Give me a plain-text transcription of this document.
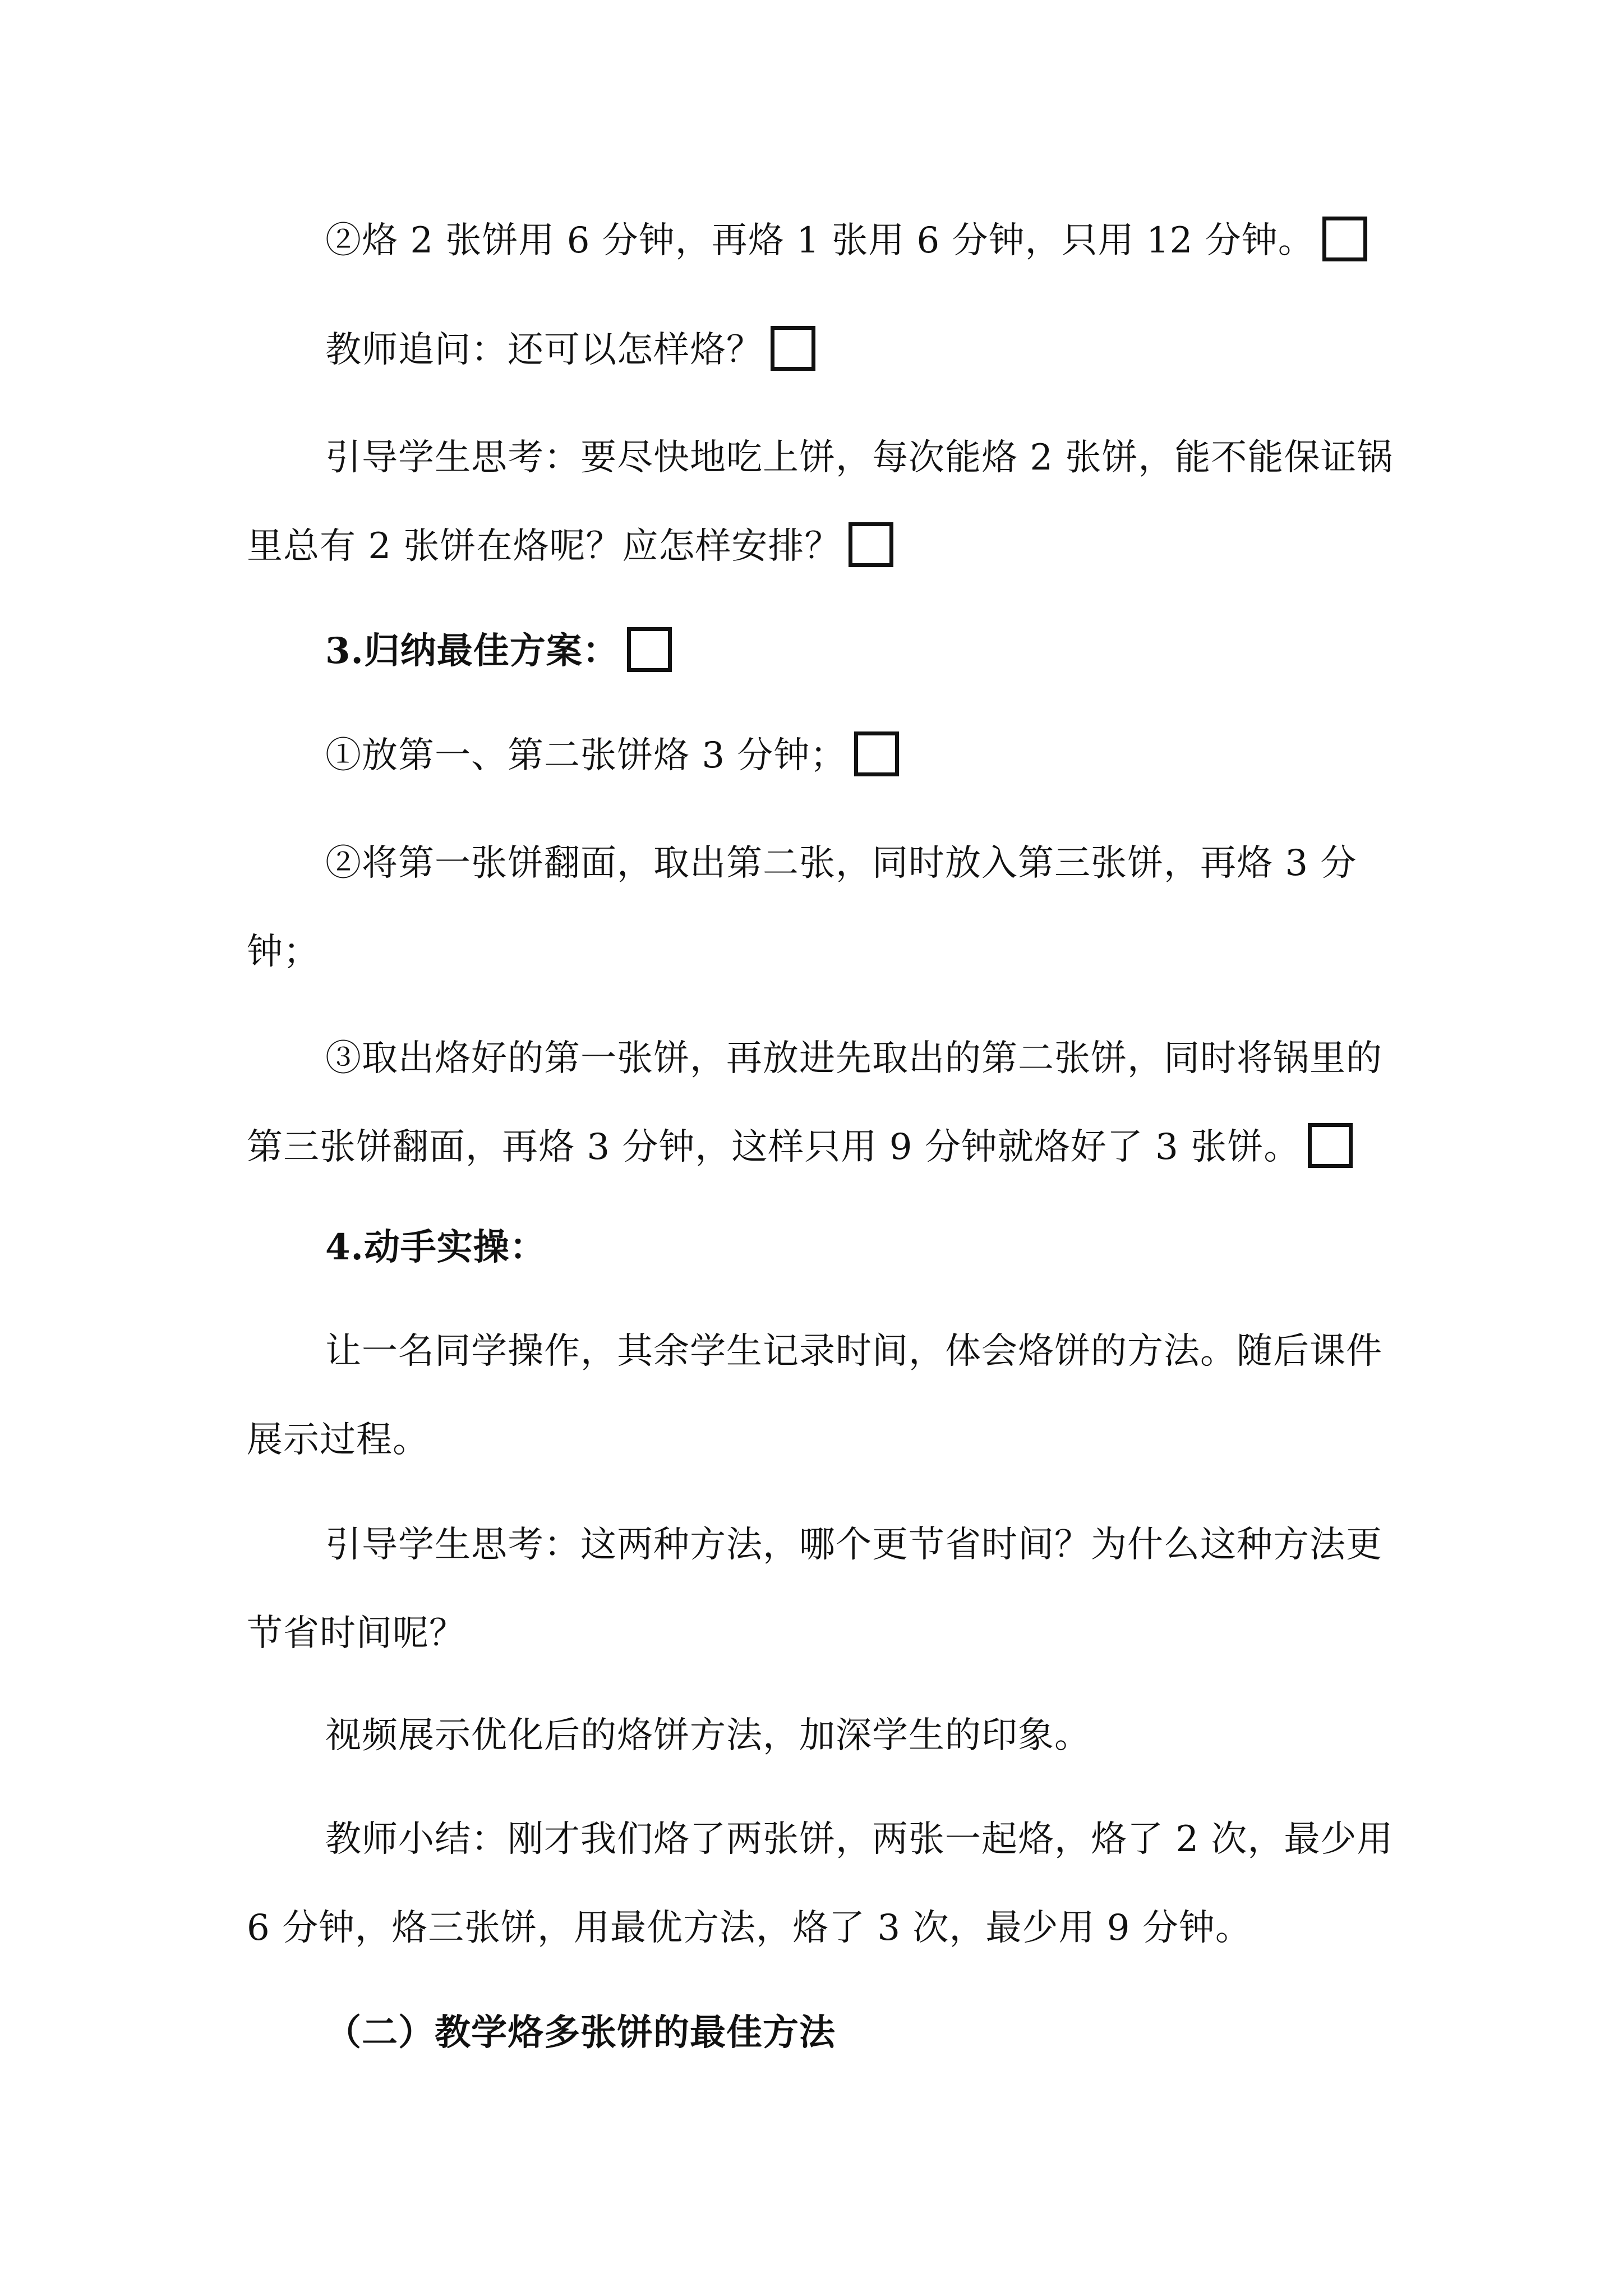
②烙 2 张饼用 6 分钟，再烙 1 张用 6 分钟，只用 12 分钟。

教师追问：还可以怎样烙？

引导学生思考：要尽快地吃上饼，每次能烙 2 张饼，能不能保证锅里总有 2 张饼在烙呢？应怎样安排？

3.归纳最佳方案：

①放第一、第二张饼烙 3 分钟；

②将第一张饼翻面，取出第二张，同时放入第三张饼，再烙 3 分钟；

③取出烙好的第一张饼，再放进先取出的第二张饼，同时将锅里的第三张饼翻面，再烙 3 分钟，这样只用 9 分钟就烙好了 3 张饼。

4.动手实操：

让一名同学操作，其余学生记录时间，体会烙饼的方法。随后课件展示过程。

引导学生思考：这两种方法，哪个更节省时间？为什么这种方法更节省时间呢？

视频展示优化后的烙饼方法，加深学生的印象。

教师小结：刚才我们烙了两张饼，两张一起烙，烙了 2 次，最少用 6 分钟，烙三张饼，用最优方法，烙了 3 次，最少用 9 分钟。

（二）教学烙多张饼的最佳方法
